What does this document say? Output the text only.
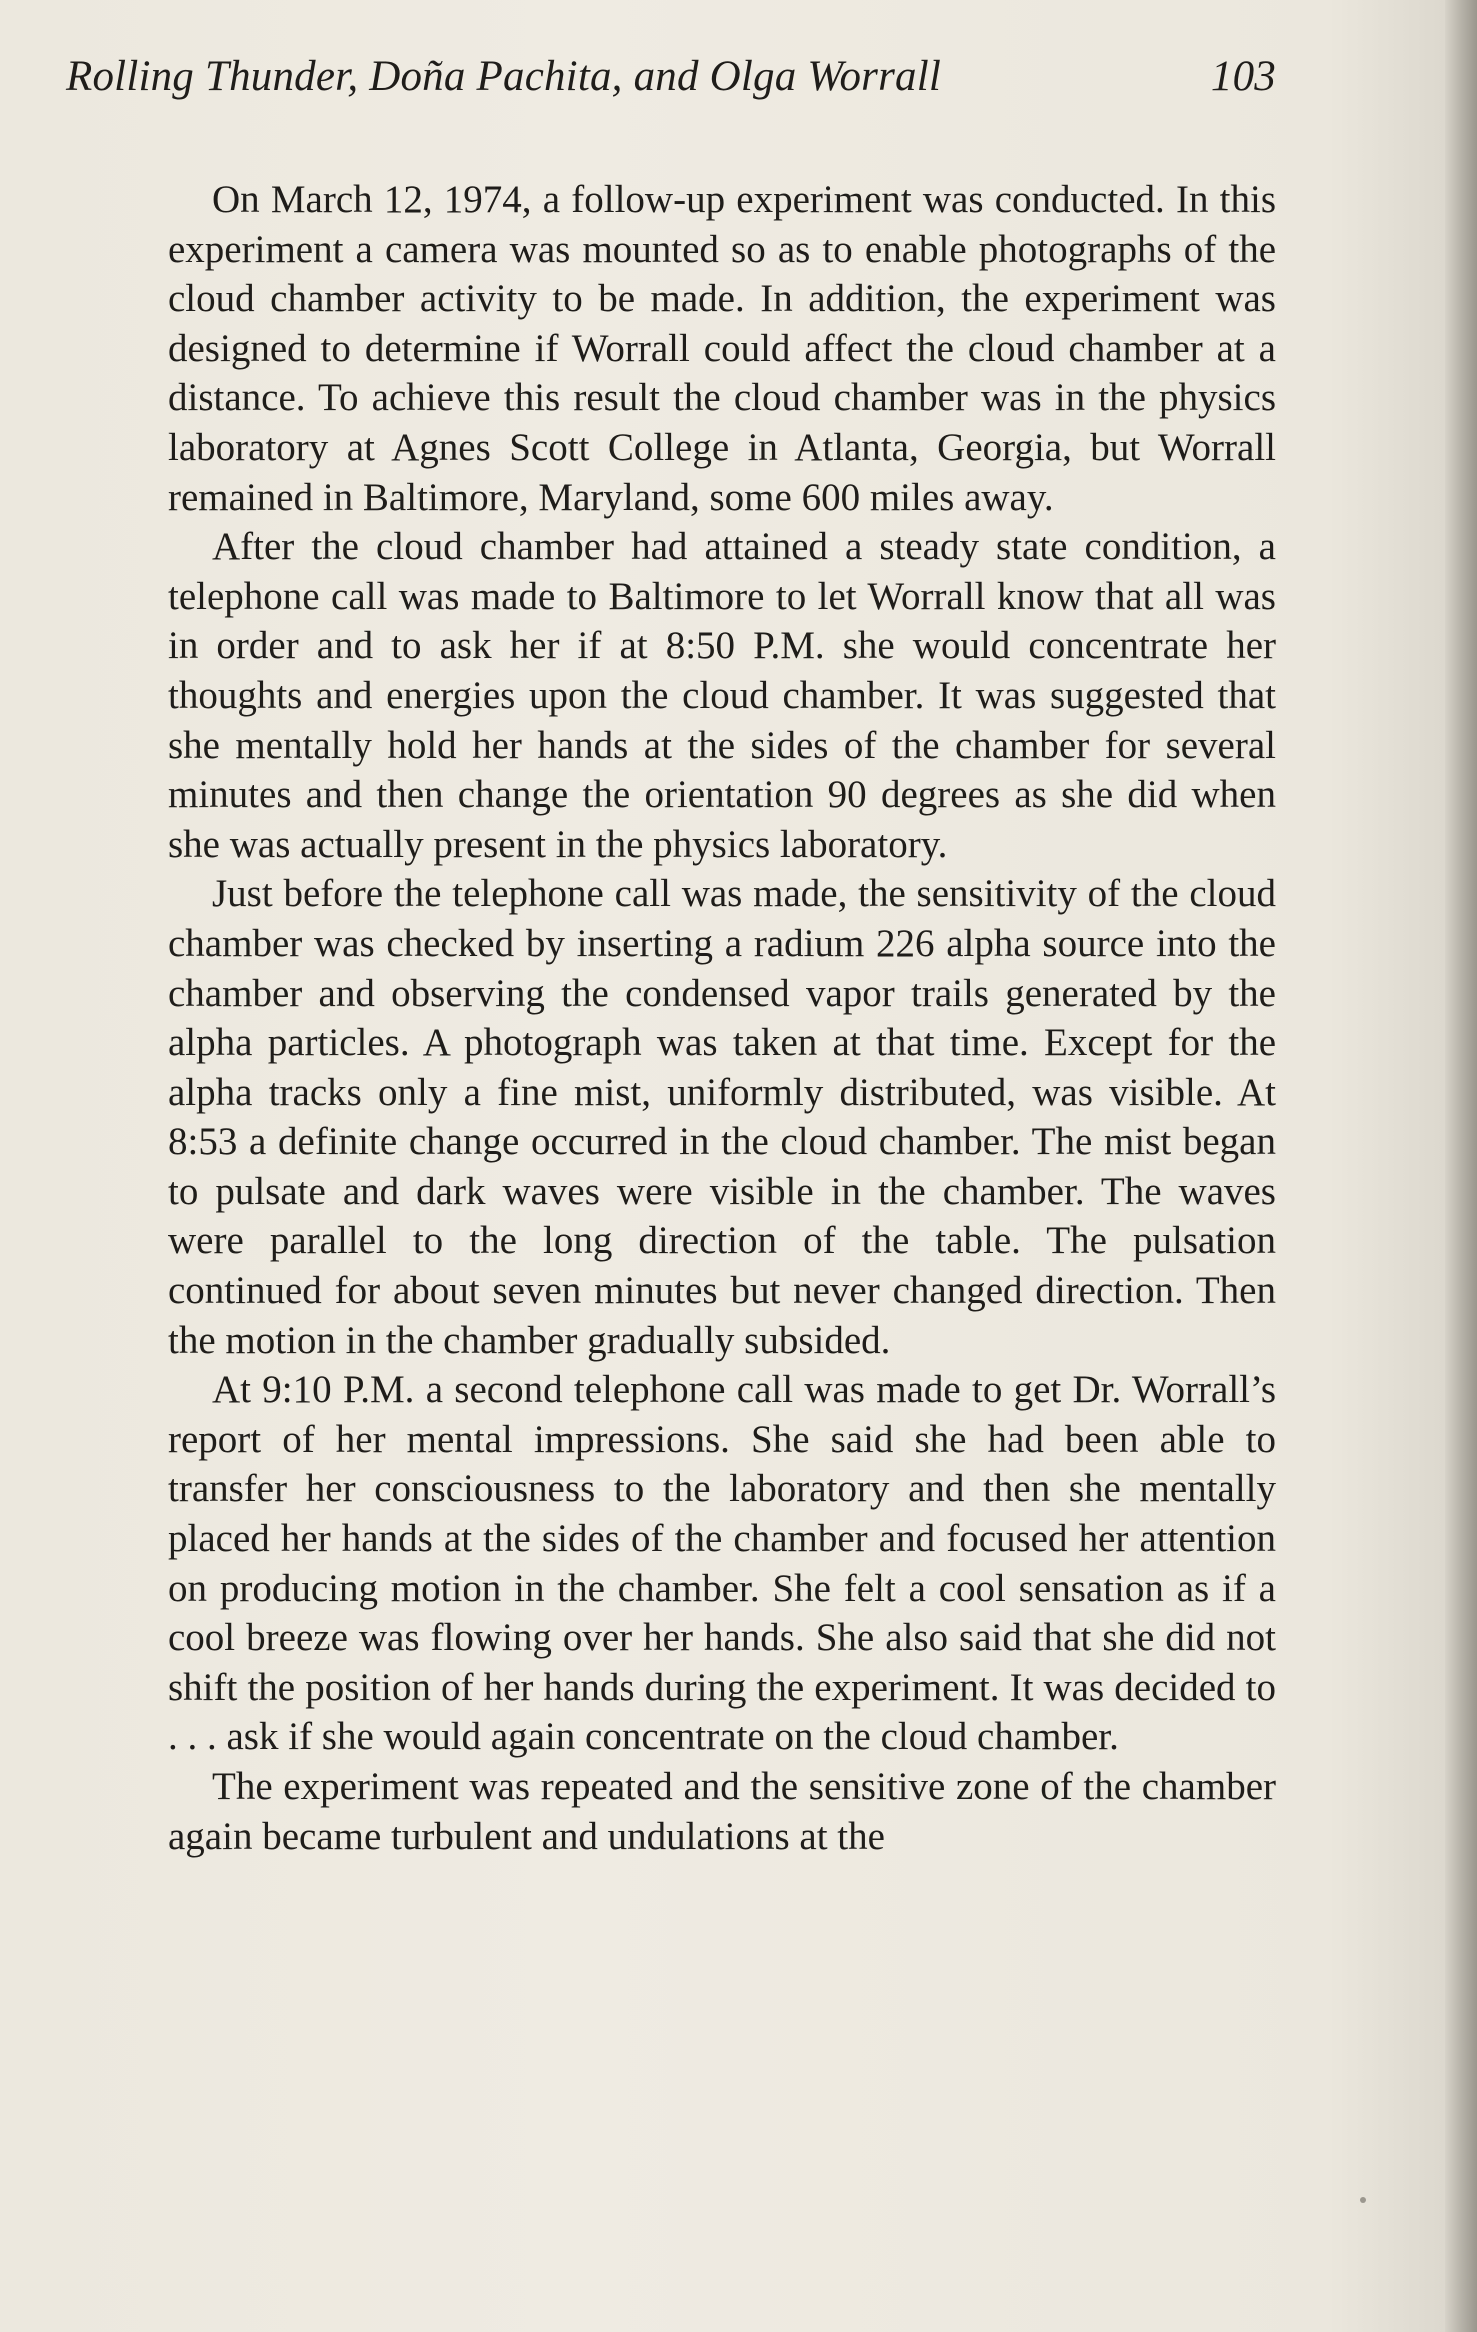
Rolling Thunder, Doña Pachita, and Olga Worrall	103

On March 12, 1974, a follow-up experiment was conducted. In this experiment a camera was mounted so as to enable photographs of the cloud chamber activity to be made. In addition, the experiment was designed to determine if Worrall could affect the cloud chamber at a distance. To achieve this result the cloud chamber was in the physics laboratory at Agnes Scott College in Atlanta, Georgia, but Worrall remained in Baltimore, Maryland, some 600 miles away.

After the cloud chamber had attained a steady state condition, a telephone call was made to Baltimore to let Worrall know that all was in order and to ask her if at 8:50 P.M. she would concentrate her thoughts and energies upon the cloud chamber. It was suggested that she mentally hold her hands at the sides of the chamber for several minutes and then change the orientation 90 degrees as she did when she was actually present in the physics laboratory.

Just before the telephone call was made, the sensitivity of the cloud chamber was checked by inserting a radium 226 alpha source into the chamber and observing the condensed vapor trails generated by the alpha particles. A photograph was taken at that time. Except for the alpha tracks only a fine mist, uniformly distributed, was visible. At 8:53 a definite change occurred in the cloud chamber. The mist began to pulsate and dark waves were visible in the chamber. The waves were parallel to the long direction of the table. The pulsation continued for about seven minutes but never changed direction. Then the motion in the chamber gradually subsided.

At 9:10 P.M. a second telephone call was made to get Dr. Worrall’s report of her mental impressions. She said she had been able to transfer her consciousness to the laboratory and then she mentally placed her hands at the sides of the chamber and focused her attention on producing motion in the chamber. She felt a cool sensation as if a cool breeze was flowing over her hands. She also said that she did not shift the position of her hands during the experiment. It was decided to . . . ask if she would again concentrate on the cloud chamber.

The experiment was repeated and the sensitive zone of the chamber again became turbulent and undulations at the
